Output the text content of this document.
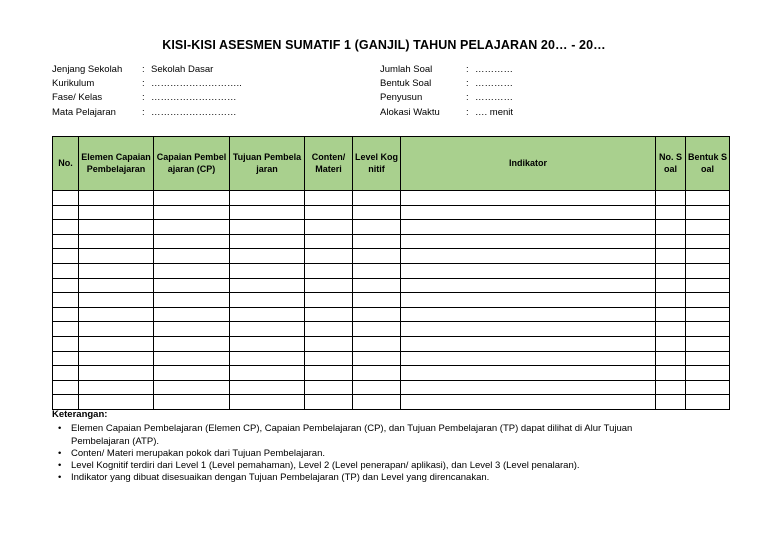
KISI-KISI ASESMEN SUMATIF 1 (GANJIL) TAHUN PELAJARAN 20… - 20…
Jenjang Sekolah	: Sekolah Dasar
Kurikulum	: ………………………..
Fase/ Kelas	: ………………………
Mata Pelajaran	: ………………………
Jumlah Soal	: …………
Bentuk Soal	: …………
Penyusun	: …………
Alokasi Waktu	: …. menit
No.	Elemen Capaian Pembelajaran	Capaian Pembelajaran (CP)	Tujuan Pembelajaran	Conten/ Materi	Level Kognitif	Indikator	No. Soal	Bentuk Soal

Keterangan:
• Elemen Capaian Pembelajaran (Elemen CP), Capaian Pembelajaran (CP), dan Tujuan Pembelajaran (TP) dapat dilihat di Alur Tujuan Pembelajaran (ATP).
• Conten/ Materi merupakan pokok dari Tujuan Pembelajaran.
• Level Kognitif terdiri dari Level 1 (Level pemahaman), Level 2 (Level penerapan/ aplikasi), dan Level 3 (Level penalaran).
• Indikator yang dibuat disesuaikan dengan Tujuan Pembelajaran (TP) dan Level yang direncanakan.
